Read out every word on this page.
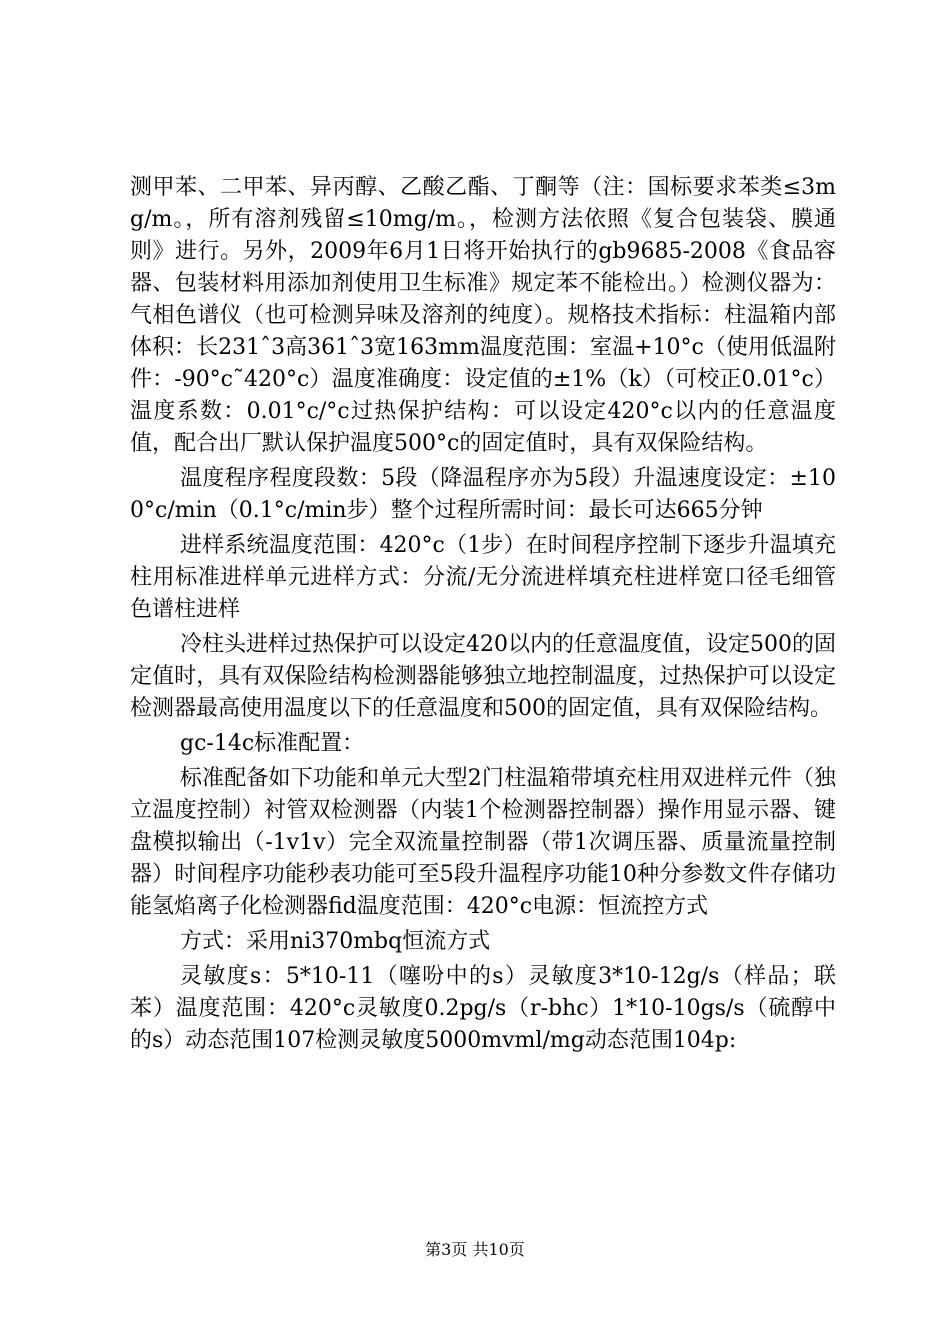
测甲苯、二甲苯、异丙醇、乙酸乙酯、丁酮等（注：国标要求苯类≤3mg/m。，所有溶剂残留≤10mg/m。，检测方法依照《复合包装袋、膜通则》进行。另外，2009年6月1日将开始执行的gb9685-2008《食品容器、包装材料用添加剂使用卫生标准》规定苯不能检出。）检测仪器为：气相色谱仪（也可检测异味及溶剂的纯度）。规格技术指标：柱温箱内部体积：长231ˆ3高361ˆ3宽163mm温度范围：室温+10°c（使用低温附件：-90°c˜420°c）温度准确度：设定值的±1%（k）（可校正0.01°c）温度系数：0.01°c/°c过热保护结构：可以设定420°c以内的任意温度值，配合出厂默认保护温度500°c的固定值时，具有双保险结构。

温度程序程度段数：5段（降温程序亦为5段）升温速度设定：±100°c/min（0.1°c/min步）整个过程所需时间：最长可达665分钟

进样系统温度范围：420°c（1步）在时间程序控制下逐步升温填充柱用标准进样单元进样方式：分流/无分流进样填充柱进样宽口径毛细管色谱柱进样

冷柱头进样过热保护可以设定420以内的任意温度值，设定500的固定值时，具有双保险结构检测器能够独立地控制温度，过热保护可以设定检测器最高使用温度以下的任意温度和500的固定值，具有双保险结构。

gc-14c标准配置：

标准配备如下功能和单元大型2门柱温箱带填充柱用双进样元件（独立温度控制）衬管双检测器（内装1个检测器控制器）操作用显示器、键盘模拟输出（-1v1v）完全双流量控制器（带1次调压器、质量流量控制器）时间程序功能秒表功能可至5段升温程序功能10种分参数文件存储功能氢焰离子化检测器fid温度范围：420°c电源：恒流控方式

方式：采用ni370mbq恒流方式

灵敏度s：5*10-11（噻吩中的s）灵敏度3*10-12g/s（样品；联苯）温度范围：420°c灵敏度0.2pg/s（r-bhc）1*10-10gs/s（硫醇中的s）动态范围107检测灵敏度5000mvml/mg动态范围104p:

第3页 共10页
